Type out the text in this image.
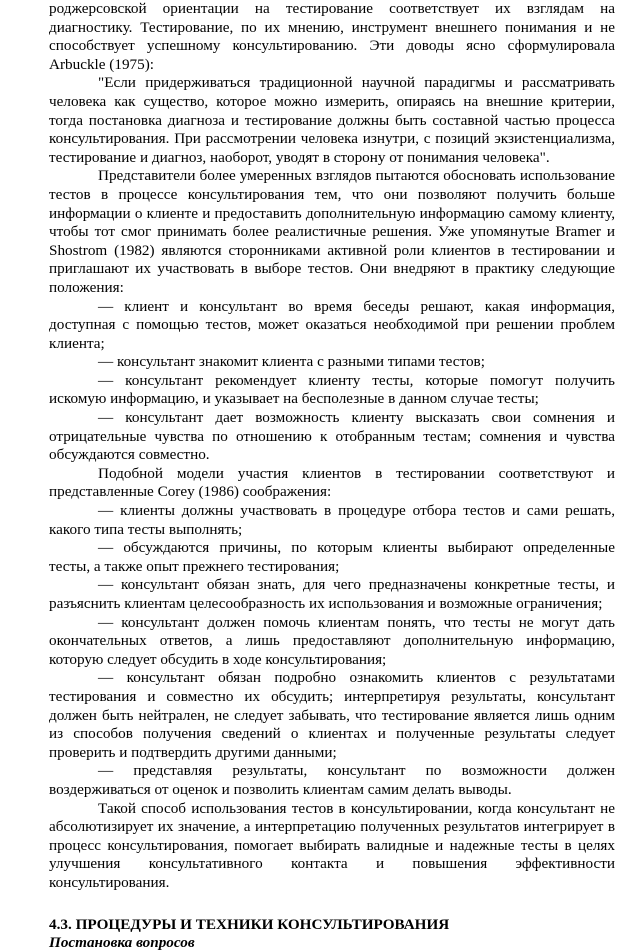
роджерсовской ориентации на тестирование соответствует их взглядам на диагностику. Тестирование, по их мнению, инструмент внешнего понимания и не способствует успешному консультированию. Эти доводы ясно сформулировала Arbuckle (1975):

"Если придерживаться традиционной научной парадигмы и рассматривать человека как существо, которое можно измерить, опираясь на внешние критерии, тогда постановка диагноза и тестирование должны быть составной частью процесса консультирования. При рассмотрении человека изнутри, с позиций экзистенциализма, тестирование и диагноз, наоборот, уводят в сторону от понимания человека".

Представители более умеренных взглядов пытаются обосновать использование тестов в процессе консультирования тем, что они позволяют получить больше информации о клиенте и предоставить дополнительную информацию самому клиенту, чтобы тот смог принимать более реалистичные решения. Уже упомянутые Bramer и Shostrom (1982) являются сторонниками активной роли клиентов в тестировании и приглашают их участвовать в выборе тестов. Они внедряют в практику следующие положения:

— клиент и консультант во время беседы решают, какая информация, доступная с помощью тестов, может оказаться необходимой при решении проблем клиента;

— консультант знакомит клиента с разными типами тестов;

— консультант рекомендует клиенту тесты, которые помогут получить искомую информацию, и указывает на бесполезные в данном случае тесты;

— консультант дает возможность клиенту высказать свои сомнения и отрицательные чувства по отношению к отобранным тестам; сомнения и чувства обсуждаются совместно.

Подобной модели участия клиентов в тестировании соответствуют и представленные Corey (1986) соображения:

— клиенты должны участвовать в процедуре отбора тестов и сами решать, какого типа тесты выполнять;

— обсуждаются причины, по которым клиенты выбирают определенные тесты, а также опыт прежнего тестирования;

— консультант обязан знать, для чего предназначены конкретные тесты, и разъяснить клиентам целесообразность их использования и возможные ограничения;

— консультант должен помочь клиентам понять, что тесты не могут дать окончательных ответов, а лишь предоставляют дополнительную информацию, которую следует обсудить в ходе консультирования;

— консультант обязан подробно ознакомить клиентов с результатами тестирования и совместно их обсудить; интерпретируя результаты, консультант должен быть нейтрален, не следует забывать, что тестирование является лишь одним из способов получения сведений о клиентах и полученные результаты следует проверить и подтвердить другими данными;

— представляя результаты, консультант по возможности должен воздерживаться от оценок и позволить клиентам самим делать выводы.

Такой способ использования тестов в консультировании, когда консультант не абсолютизирует их значение, а интерпретацию полученных результатов интегрирует в процесс консультирования, помогает выбирать валидные и надежные тесты в целях улучшения консультативного контакта и повышения эффективности консультирования.

4.3. ПРОЦЕДУРЫ И ТЕХНИКИ КОНСУЛЬТИРОВАНИЯ
Постановка вопросов
